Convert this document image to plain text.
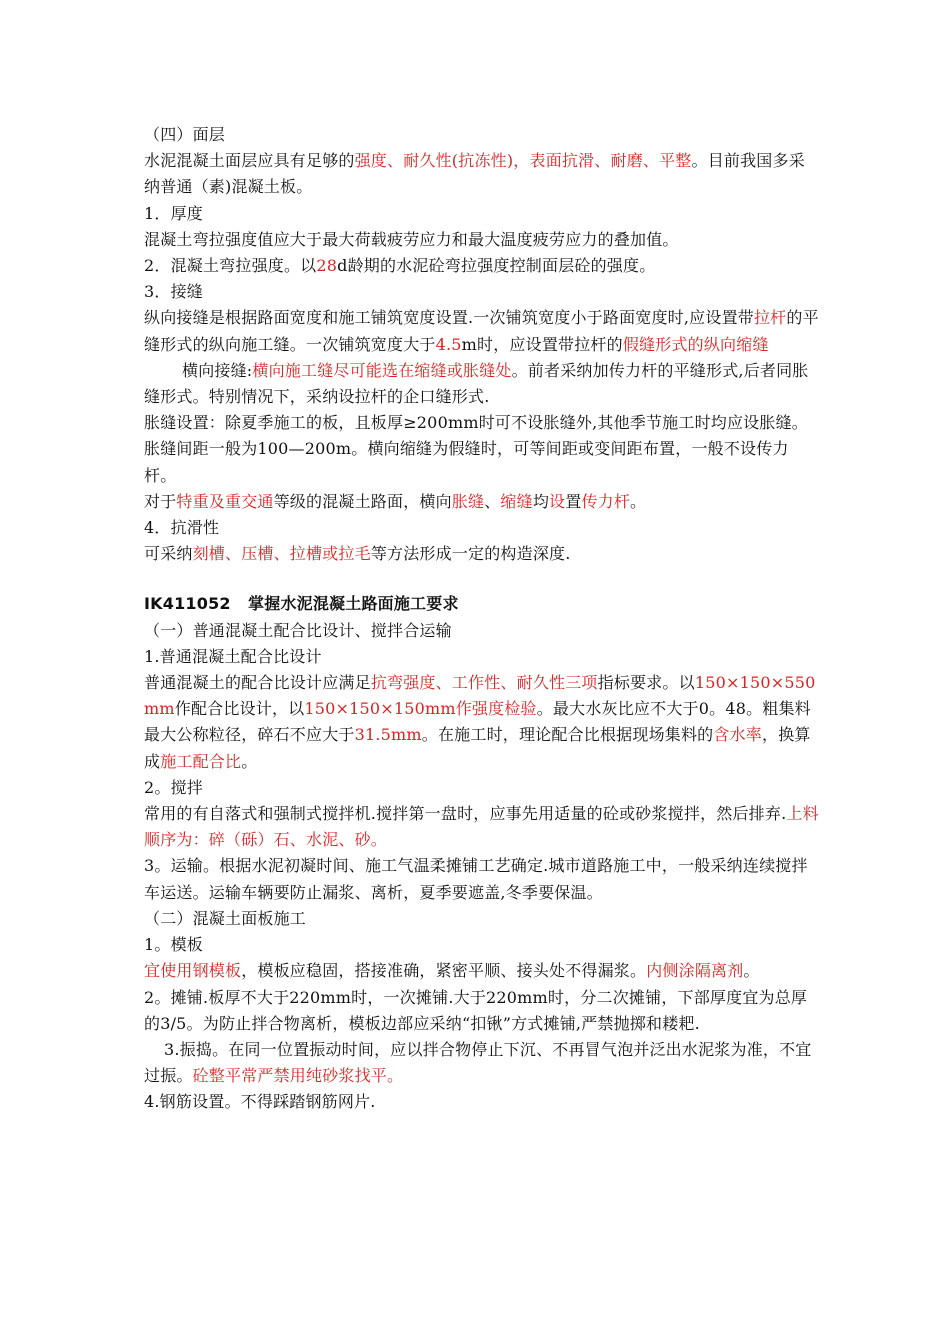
（四）面层

水泥混凝土面层应具有足够的强度、耐久性(抗冻性)，表面抗滑、耐磨、平整。目前我国多采纳普通（素)混凝土板。

1．厚度

混凝土弯拉强度值应大于最大荷载疲劳应力和最大温度疲劳应力的叠加值。

2．混凝土弯拉强度。以28d龄期的水泥砼弯拉强度控制面层砼的强度。

3．接缝

纵向接缝是根据路面宽度和施工铺筑宽度设置.一次铺筑宽度小于路面宽度时,应设置带拉杆的平缝形式的纵向施工缝。一次铺筑宽度大于4.5m时，应设置带拉杆的假缝形式的纵向缩缝

横向接缝:横向施工缝尽可能选在缩缝或胀缝处。前者采纳加传力杆的平缝形式,后者同胀缝形式。特别情况下，采纳设拉杆的企口缝形式.

胀缝设置：除夏季施工的板，且板厚≥200mm时可不设胀缝外,其他季节施工时均应设胀缝。胀缝间距一般为100—200m。横向缩缝为假缝时，可等间距或变间距布置，一般不设传力杆。

对于特重及重交通等级的混凝土路面，横向胀缝、缩缝均设置传力杆。

4．抗滑性

可采纳刻槽、压槽、拉槽或拉毛等方法形成一定的构造深度.

IK411052   掌握水泥混凝土路面施工要求

（一）普通混凝土配合比设计、搅拌合运输

1.普通混凝土配合比设计

普通混凝土的配合比设计应满足抗弯强度、工作性、耐久性三项指标要求。以150×150×550mm作配合比设计，以150×150×150mm作强度检验。最大水灰比应不大于0。48。粗集料最大公称粒径，碎石不应大于31.5mm。在施工时，理论配合比根据现场集料的含水率，换算成施工配合比。

2。搅拌

常用的有自落式和强制式搅拌机.搅拌第一盘时，应事先用适量的砼或砂浆搅拌，然后排弃.上料顺序为：碎（砾）石、水泥、砂。

3。运输。根据水泥初凝时间、施工气温柔摊铺工艺确定.城市道路施工中，一般采纳连续搅拌车运送。运输车辆要防止漏浆、离析，夏季要遮盖,冬季要保温。

（二）混凝土面板施工

1。模板

宜使用钢模板，模板应稳固，搭接准确，紧密平顺、接头处不得漏浆。内侧涂隔离剂。

2。摊铺.板厚不大于220mm时，一次摊铺.大于220mm时，分二次摊铺，下部厚度宜为总厚的3/5。为防止拌合物离析，模板边部应采纳“扣锹”方式摊铺,严禁抛掷和耧耙.

3.振捣。在同一位置振动时间，应以拌合物停止下沉、不再冒气泡并泛出水泥浆为准，不宜过振。砼整平常严禁用纯砂浆找平。

4.钢筋设置。不得踩踏钢筋网片.
